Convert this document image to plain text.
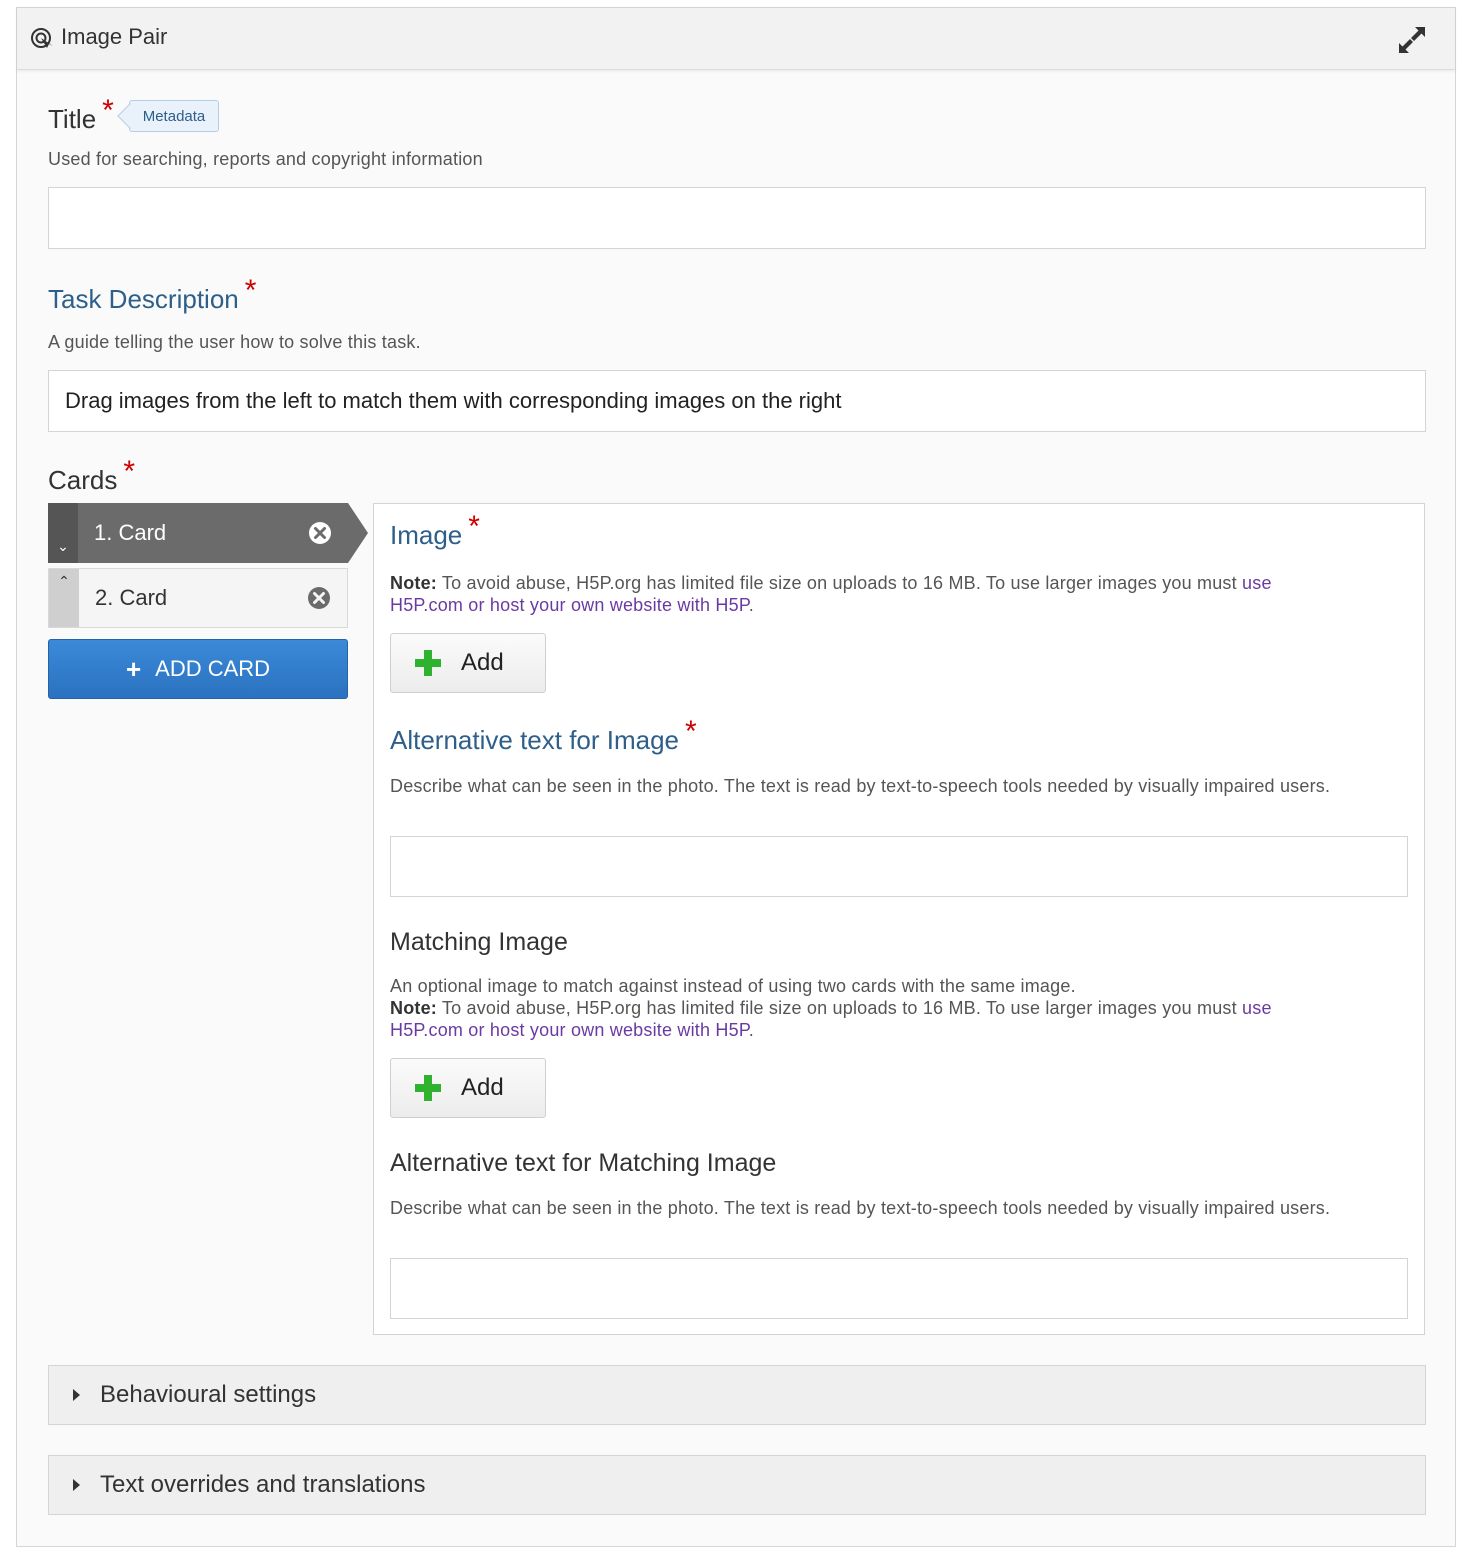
Image Pair
Title * Metadata
Used for searching, reports and copyright information
Task Description *
A guide telling the user how to solve this task.
Drag images from the left to match them with corresponding images on the right
Cards *
⌄
1. Card
⌃
2. Card
+ ADD CARD
Image *
Note: To avoid abuse, H5P.org has limited file size on uploads to 16 MB. To use larger images you must use
H5P.com or host your own website with H5P.
Add
Alternative text for Image *
Describe what can be seen in the photo. The text is read by text-to-speech tools needed by visually impaired users.
Matching Image
An optional image to match against instead of using two cards with the same image.
Note: To avoid abuse, H5P.org has limited file size on uploads to 16 MB. To use larger images you must use
H5P.com or host your own website with H5P.
Add
Alternative text for Matching Image
Describe what can be seen in the photo. The text is read by text-to-speech tools needed by visually impaired users.
Behavioural settings
Text overrides and translations
